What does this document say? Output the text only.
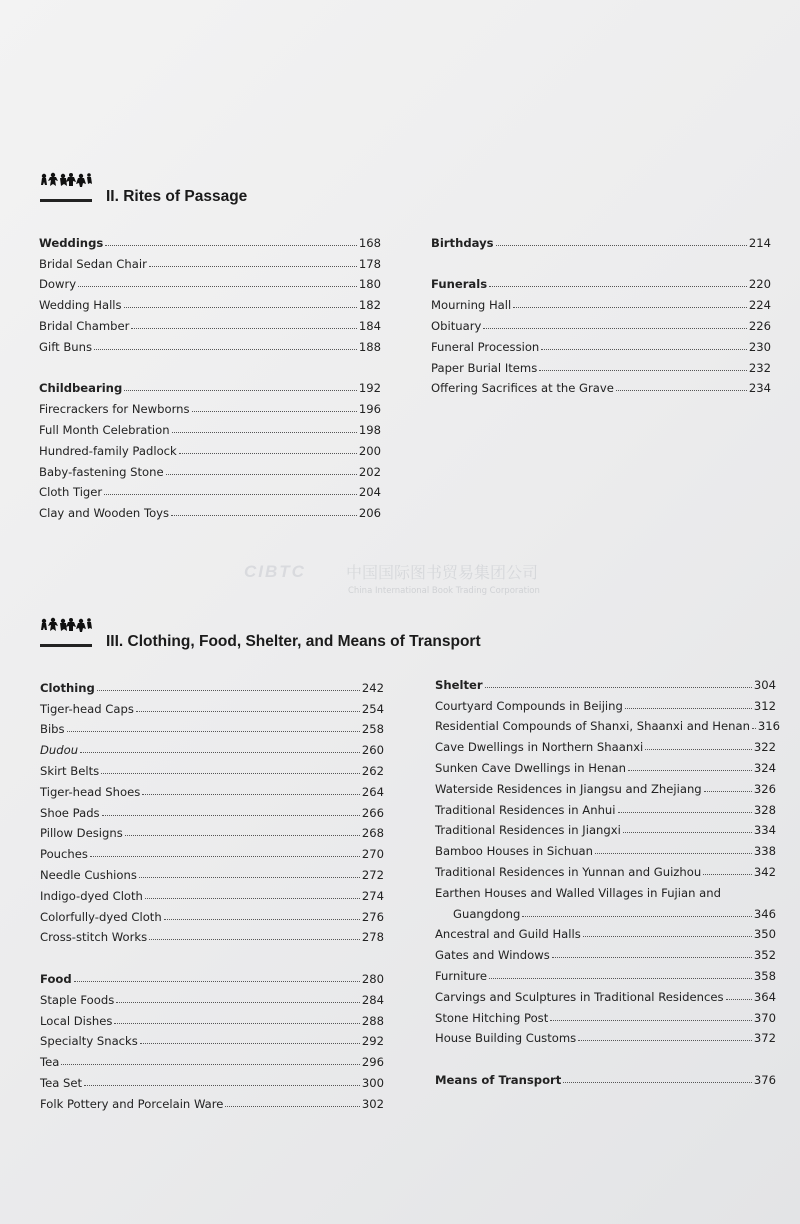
II. Rites of Passage
Weddings	168
Bridal Sedan Chair	178
Dowry	180
Wedding Halls	182
Bridal Chamber	184
Gift Buns	188
Childbearing	192
Firecrackers for Newborns	196
Full Month Celebration	198
Hundred-family Padlock	200
Baby-fastening Stone	202
Cloth Tiger	204
Clay and Wooden Toys	206
Birthdays	214
Funerals	220
Mourning Hall	224
Obituary	226
Funeral Procession	230
Paper Burial Items	232
Offering Sacrifices at the Grave	234
CIBTC	中国国际图书贸易集团公司
China International Book Trading Corporation
III. Clothing, Food, Shelter, and Means of Transport
Clothing	242
Tiger-head Caps	254
Bibs	258
Dudou	260
Skirt Belts	262
Tiger-head Shoes	264
Shoe Pads	266
Pillow Designs	268
Pouches	270
Needle Cushions	272
Indigo-dyed Cloth	274
Colorfully-dyed Cloth	276
Cross-stitch Works	278
Food	280
Staple Foods	284
Local Dishes	288
Specialty Snacks	292
Tea	296
Tea Set	300
Folk Pottery and Porcelain Ware	302
Shelter	304
Courtyard Compounds in Beijing	312
Residential Compounds of Shanxi, Shaanxi and Henan 316
Cave Dwellings in Northern Shaanxi	322
Sunken Cave Dwellings in Henan	324
Waterside Residences in Jiangsu and Zhejiang	326
Traditional Residences in Anhui	328
Traditional Residences in Jiangxi	334
Bamboo Houses in Sichuan	338
Traditional Residences in Yunnan and Guizhou	342
Earthen Houses and Walled Villages in Fujian and
Guangdong	346
Ancestral and Guild Halls	350
Gates and Windows	352
Furniture	358
Carvings and Sculptures in Traditional Residences	364
Stone Hitching Post	370
House Building Customs	372
Means of Transport	376
